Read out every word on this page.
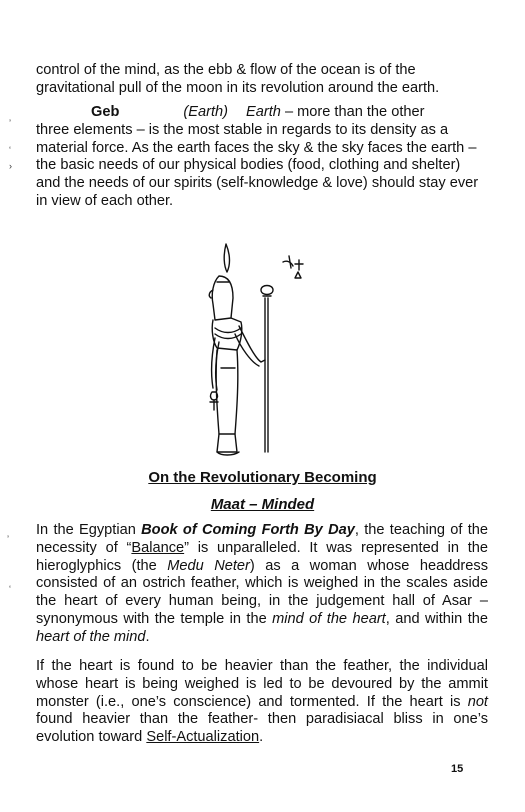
’
‘
›
’
‘

control of the mind, as the ebb & flow of the ocean is of the gravitational pull of the moon in its revolution around the earth.

Geb	(Earth) Earth – more than the other
three elements – is the most stable in regards to its density as a material force. As the earth faces the sky & the sky faces the earth – the basic needs of our physical bodies (food, clothing and shelter) and the needs of our spirits (self-knowledge & love) should stay ever in view of each other.

On the Revolutionary Becoming

Maat – Minded

In the Egyptian Book of Coming Forth By Day, the teaching of the necessity of “Balance” is unparalleled. It was represented in the hieroglyphics (the Medu Neter) as a woman whose headdress consisted of an ostrich feather, which is weighed in the scales aside the heart of every human being, in the judgement hall of Asar – synonymous with the temple in the mind of the heart, and within the heart of the mind.

If the heart is found to be heavier than the feather, the individual whose heart is being weighed is led to be devoured by the ammit monster (i.e., one’s conscience) and tormented. If the heart is not found heavier than the feather- then paradisiacal bliss in one’s evolution toward Self-Actualization.

15
